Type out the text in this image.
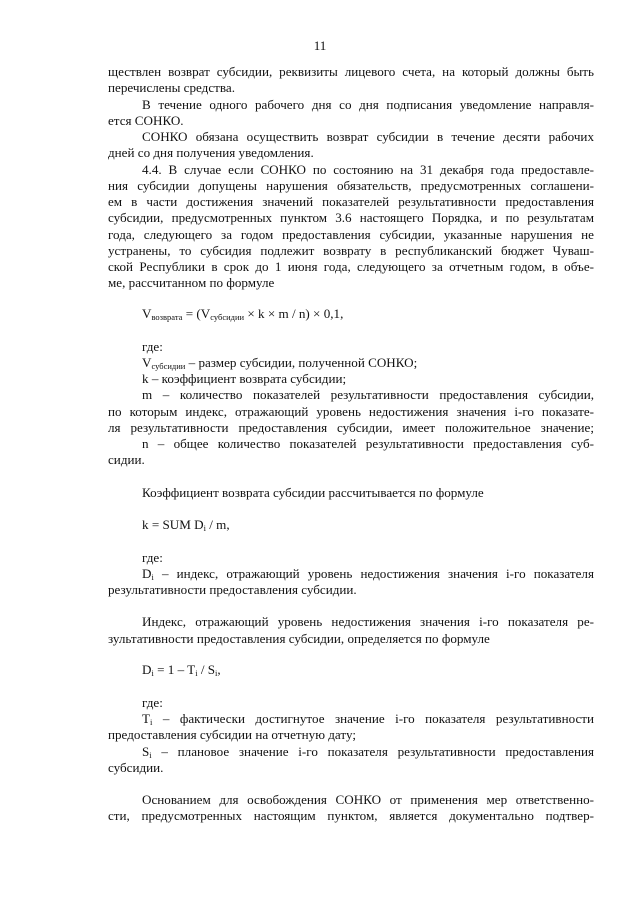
11
ществлен возврат субсидии, реквизиты лицевого счета, на который должны быть
перечислены средства.
В течение одного рабочего дня со дня подписания уведомление направля-
ется СОНКО.
СОНКО обязана осуществить возврат субсидии в течение десяти рабочих
дней со дня получения уведомления.
4.4. В случае если СОНКО по состоянию на 31 декабря года предоставле-
ния субсидии допущены нарушения обязательств, предусмотренных соглашени-
ем в части достижения значений показателей результативности предоставления
субсидии, предусмотренных пунктом 3.6 настоящего Порядка, и по результатам
года, следующего за годом предоставления субсидии, указанные нарушения не
устранены, то субсидия подлежит возврату в республиканский бюджет Чуваш-
ской Республики в срок до 1 июня года, следующего за отчетным годом, в объе-
ме, рассчитанном по формуле
$V_{возврата} = (V_{субсидии} \times k \times m / n) \times 0,1$,
где:
$V_{субсидии}$ – размер субсидии, полученной СОНКО;
k – коэффициент возврата субсидии;
m – количество показателей результативности предоставления субсидии,
по которым индекс, отражающий уровень недостижения значения i-го показате-
ля результативности предоставления субсидии, имеет положительное значение;
n – общее количество показателей результативности предоставления суб-
сидии.
Коэффициент возврата субсидии рассчитывается по формуле
k = SUM $D_i$ / m,
где:
$D_i$ – индекс, отражающий уровень недостижения значения i-го показателя
результативности предоставления субсидии.
Индекс, отражающий уровень недостижения значения i-го показателя ре-
зультативности предоставления субсидии, определяется по формуле
$D_i = 1 - T_i / S_i$,
где:
$T_i$ – фактически достигнутое значение i-го показателя результативности
предоставления субсидии на отчетную дату;
$S_i$ – плановое значение i-го показателя результативности предоставления
субсидии.
Основанием для освобождения СОНКО от применения мер ответственно-
сти, предусмотренных настоящим пунктом, является документально подтвер-
